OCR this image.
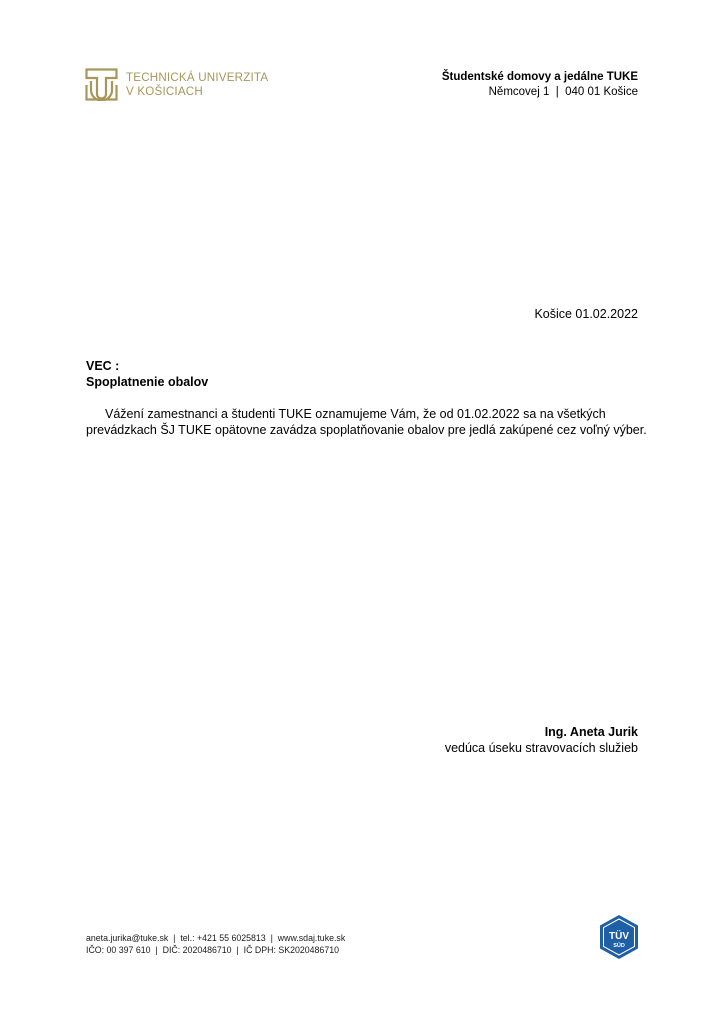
TECHNICKÁ UNIVERZITA
V KOŠICIACH
Študentské domovy a jedálne TUKE
Němcovej 1  |  040 01 Košice
Košice 01.02.2022
VEC :
Spoplatnenie obalov
Vážení zamestnanci a študenti TUKE oznamujeme Vám, že od 01.02.2022 sa na všetkých
prevádzkach ŠJ TUKE opätovne zavádza spoplatňovanie obalov pre jedlá zakúpené cez voľný výber.
Ing. Aneta Jurik
vedúca úseku stravovacích služieb
aneta.jurika@tuke.sk  |  tel.: +421 55 6025813  |  www.sdaj.tuke.sk
IČO: 00 397 610  |  DIČ: 2020486710  |  IČ DPH: SK2020486710
TÜV
SÜD
